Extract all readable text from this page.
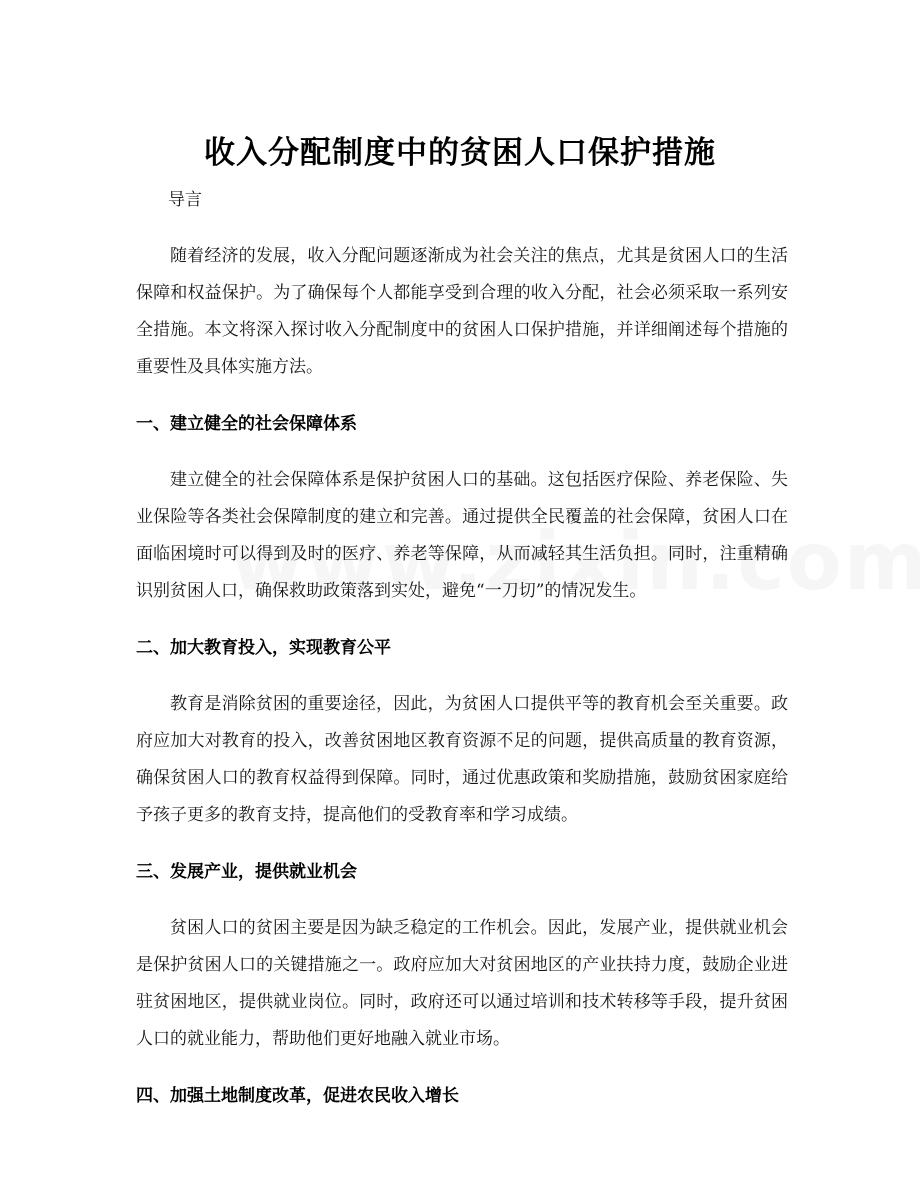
收入分配制度中的贫困人口保护措施

导言

随着经济的发展，收入分配问题逐渐成为社会关注的焦点，尤其是贫困人口的生活保障和权益保护。为了确保每个人都能享受到合理的收入分配，社会必须采取一系列安全措施。本文将深入探讨收入分配制度中的贫困人口保护措施，并详细阐述每个措施的重要性及具体实施方法。

一、建立健全的社会保障体系

建立健全的社会保障体系是保护贫困人口的基础。这包括医疗保险、养老保险、失业保险等各类社会保障制度的建立和完善。通过提供全民覆盖的社会保障，贫困人口在面临困境时可以得到及时的医疗、养老等保障，从而减轻其生活负担。同时，注重精确识别贫困人口，确保救助政策落到实处，避免“一刀切”的情况发生。

二、加大教育投入，实现教育公平

教育是消除贫困的重要途径，因此，为贫困人口提供平等的教育机会至关重要。政府应加大对教育的投入，改善贫困地区教育资源不足的问题，提供高质量的教育资源，确保贫困人口的教育权益得到保障。同时，通过优惠政策和奖励措施，鼓励贫困家庭给予孩子更多的教育支持，提高他们的受教育率和学习成绩。

三、发展产业，提供就业机会

贫困人口的贫困主要是因为缺乏稳定的工作机会。因此，发展产业，提供就业机会是保护贫困人口的关键措施之一。政府应加大对贫困地区的产业扶持力度，鼓励企业进驻贫困地区，提供就业岗位。同时，政府还可以通过培训和技术转移等手段，提升贫困人口的就业能力，帮助他们更好地融入就业市场。

四、加强土地制度改革，促进农民收入增长
